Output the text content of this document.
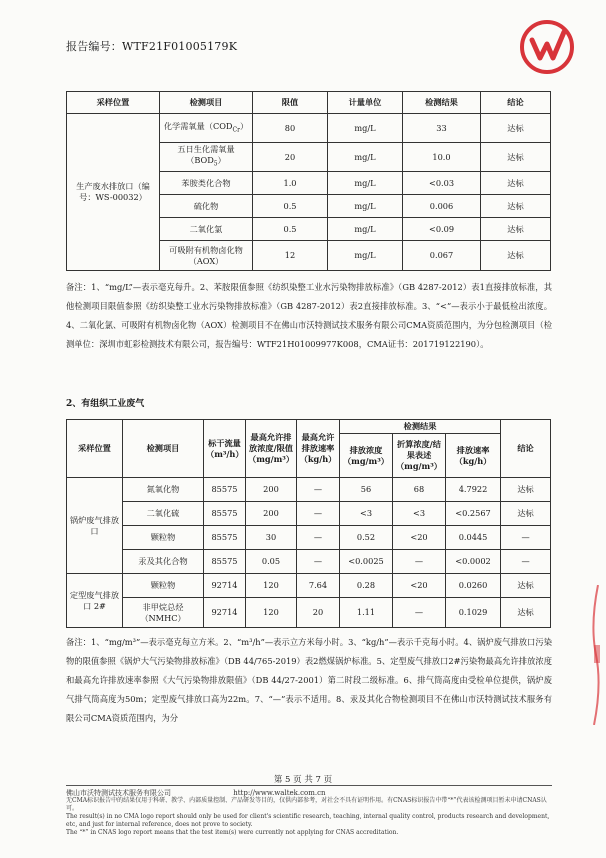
报告编号：WTF21F01005179K
采样位置	检测项目	限值	计量单位	检测结果	结论
生产废水排放口（编号：WS-00032）	化学需氧量$(COD_{Cr})$	80	mg/L	33	达标
	五日生化需氧量$(BOD_5)$	20	mg/L	10.0	达标
	苯胺类化合物	1.0	mg/L	<0.03	达标
	硫化物	0.5	mg/L	0.006	达标
	二氧化氯	0.5	mg/L	<0.09	达标
	可吸附有机物卤化物（AOX）	12	mg/L	0.067	达标
备注：1、“mg/L”—表示毫克每升。2、苯胺限值参照《纺织染整工业水污染物排放标准》（GB 4287-2012）表1直接排放标准，其他检测项目限值参照《纺织染整工业水污染物排放标准》（GB 4287-2012）表2直接排放标准。3、“<”—表示小于最低检出浓度。4、二氧化氯、可吸附有机物卤化物（AOX）检测项目不在佛山市沃特测试技术服务有限公司CMA资质范围内，为分包检测项目（检测单位：深圳市虹彩检测技术有限公司，报告编号：WTF21H01009977K008，CMA证书：201719122190）。
2、有组织工业废气
采样位置	检测项目	标干流量（m³/h）	最高允许排放浓度/限值（mg/m³）	最高允许排放速率（kg/h）	检测结果			结论
					排放浓度（mg/m³）	折算浓度/结果表述（mg/m³）	排放速率（kg/h）	
锅炉废气排放口	氮氧化物	85575	200	—	56	68	4.7922	达标
	二氧化硫	85575	200	—	<3	<3	<0.2567	达标
	颗粒物	85575	30	—	0.52	<20	0.0445	—
	汞及其化合物	85575	0.05	—	<0.0025	—	<0.0002	—
定型废气排放口 2#	颗粒物	92714	120	7.64	0.28	<20	0.0260	达标
	非甲烷总烃（NMHC）	92714	120	20	1.11	—	0.1029	达标
备注：1、“mg/m³”—表示毫克每立方米。2、“m³/h”—表示立方米每小时。3、“kg/h”—表示千克每小时。4、锅炉废气排放口污染物的限值参照《锅炉大气污染物排放标准》（DB 44/765-2019）表2燃煤锅炉标准。5、定型废气排放口2#污染物最高允许排放浓度和最高允许排放速率参照《大气污染物排放限值》（DB 44/27-2001）第二时段二级标准。6、排气筒高度由受检单位提供，锅炉废气排气筒高度为50m；定型废气排放口高为22m。7、“—”表示不适用。8、汞及其化合物检测项目不在佛山市沃特测试技术服务有限公司CMA资质范围内，为分
第 5 页 共 7 页
佛山市沃特测试技术服务有限公司	http://www.waltek.com.cn
无CMA标识报告中的结果仅用于科研、教学、内部质量控制、产品研发等目的，仅供内部参考，对社会不具有证明作用。有CNAS标识报告中带“*”代表该检测项目暂未申请CNAS认可。
The result(s) in no CMA logo report should only be used for client's scientific research, teaching, internal quality control, products research and development, etc, and just for internal reference, does not prove to society.
The “*” in CNAS logo report means that the test item(s) were currently not applying for CNAS accreditation.
